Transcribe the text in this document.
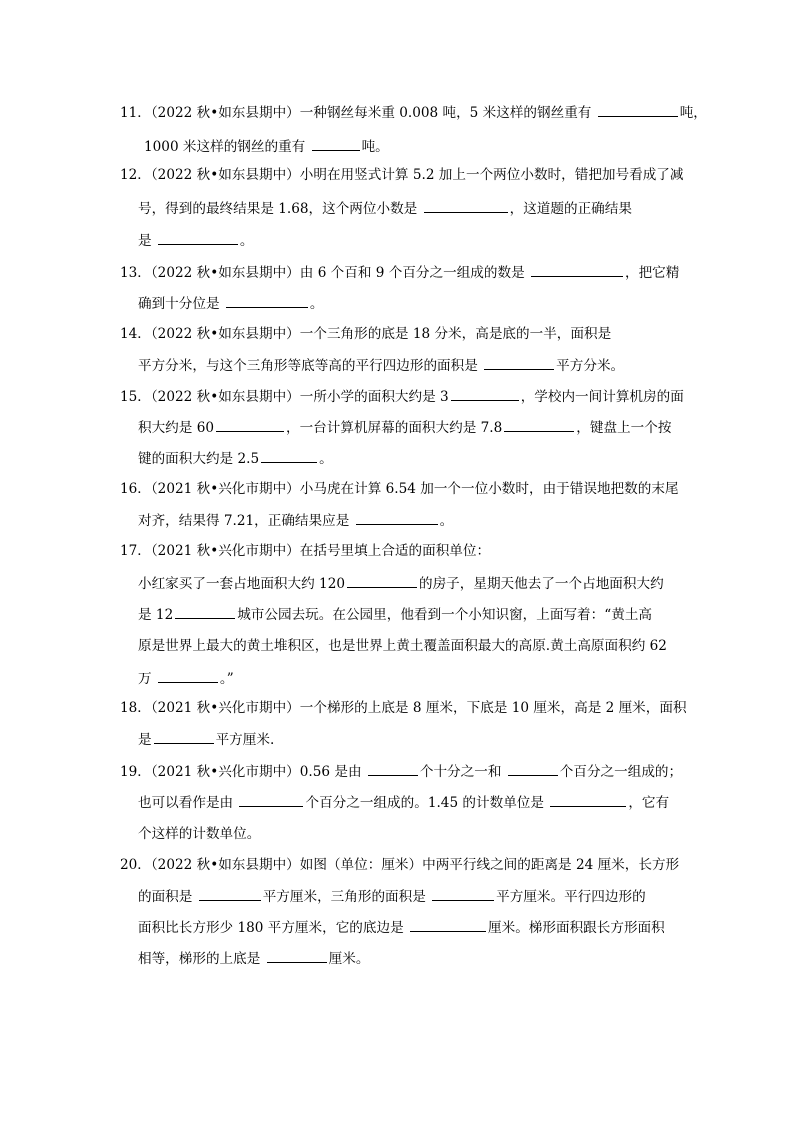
11．（2022 秋•如东县期中）一种钢丝每米重 0.008 吨，5 米这样的钢丝重有	吨，
1000 米这样的钢丝的重有	吨。
12．（2022 秋•如东县期中）小明在用竖式计算 5.2 加上一个两位小数时，错把加号看成了减
号，得到的最终结果是 1.68，这个两位小数是	，这道题的正确结果
是	。
13．（2022 秋•如东县期中）由 6 个百和 9 个百分之一组成的数是	，把它精
确到十分位是	。
14．（2022 秋•如东县期中）一个三角形的底是 18 分米，高是底的一半，面积是
平方分米，与这个三角形等底等高的平行四边形的面积是	平方分米。
15．（2022 秋•如东县期中）一所小学的面积大约是 3	，学校内一间计算机房的面
积大约是 60	，一台计算机屏幕的面积大约是 7.8	，键盘上一个按
键的面积大约是 2.5	。
16．（2021 秋•兴化市期中）小马虎在计算 6.54 加一个一位小数时，由于错误地把数的末尾
对齐，结果得 7.21，正确结果应是	。
17．（2021 秋•兴化市期中）在括号里填上合适的面积单位：
小红家买了一套占地面积大约 120	的房子，星期天他去了一个占地面积大约
是 12	城市公园去玩。在公园里，他看到一个小知识窗，上面写着：“黄土高
原是世界上最大的黄土堆积区，也是世界上黄土覆盖面积最大的高原.黄土高原面积约 62
万	。”
18．（2021 秋•兴化市期中）一个梯形的上底是 8 厘米，下底是 10 厘米，高是 2 厘米，面积
是	平方厘米.
19．（2021 秋•兴化市期中）0.56 是由	个十分之一和	个百分之一组成的；
也可以看作是由	个百分之一组成的。1.45 的计数单位是	，它有
个这样的计数单位。
20．（2022 秋•如东县期中）如图（单位：厘米）中两平行线之间的距离是 24 厘米，长方形
的面积是	平方厘米，三角形的面积是	平方厘米。平行四边形的
面积比长方形少 180 平方厘米，它的底边是	厘米。梯形面积跟长方形面积
相等，梯形的上底是	厘米。
